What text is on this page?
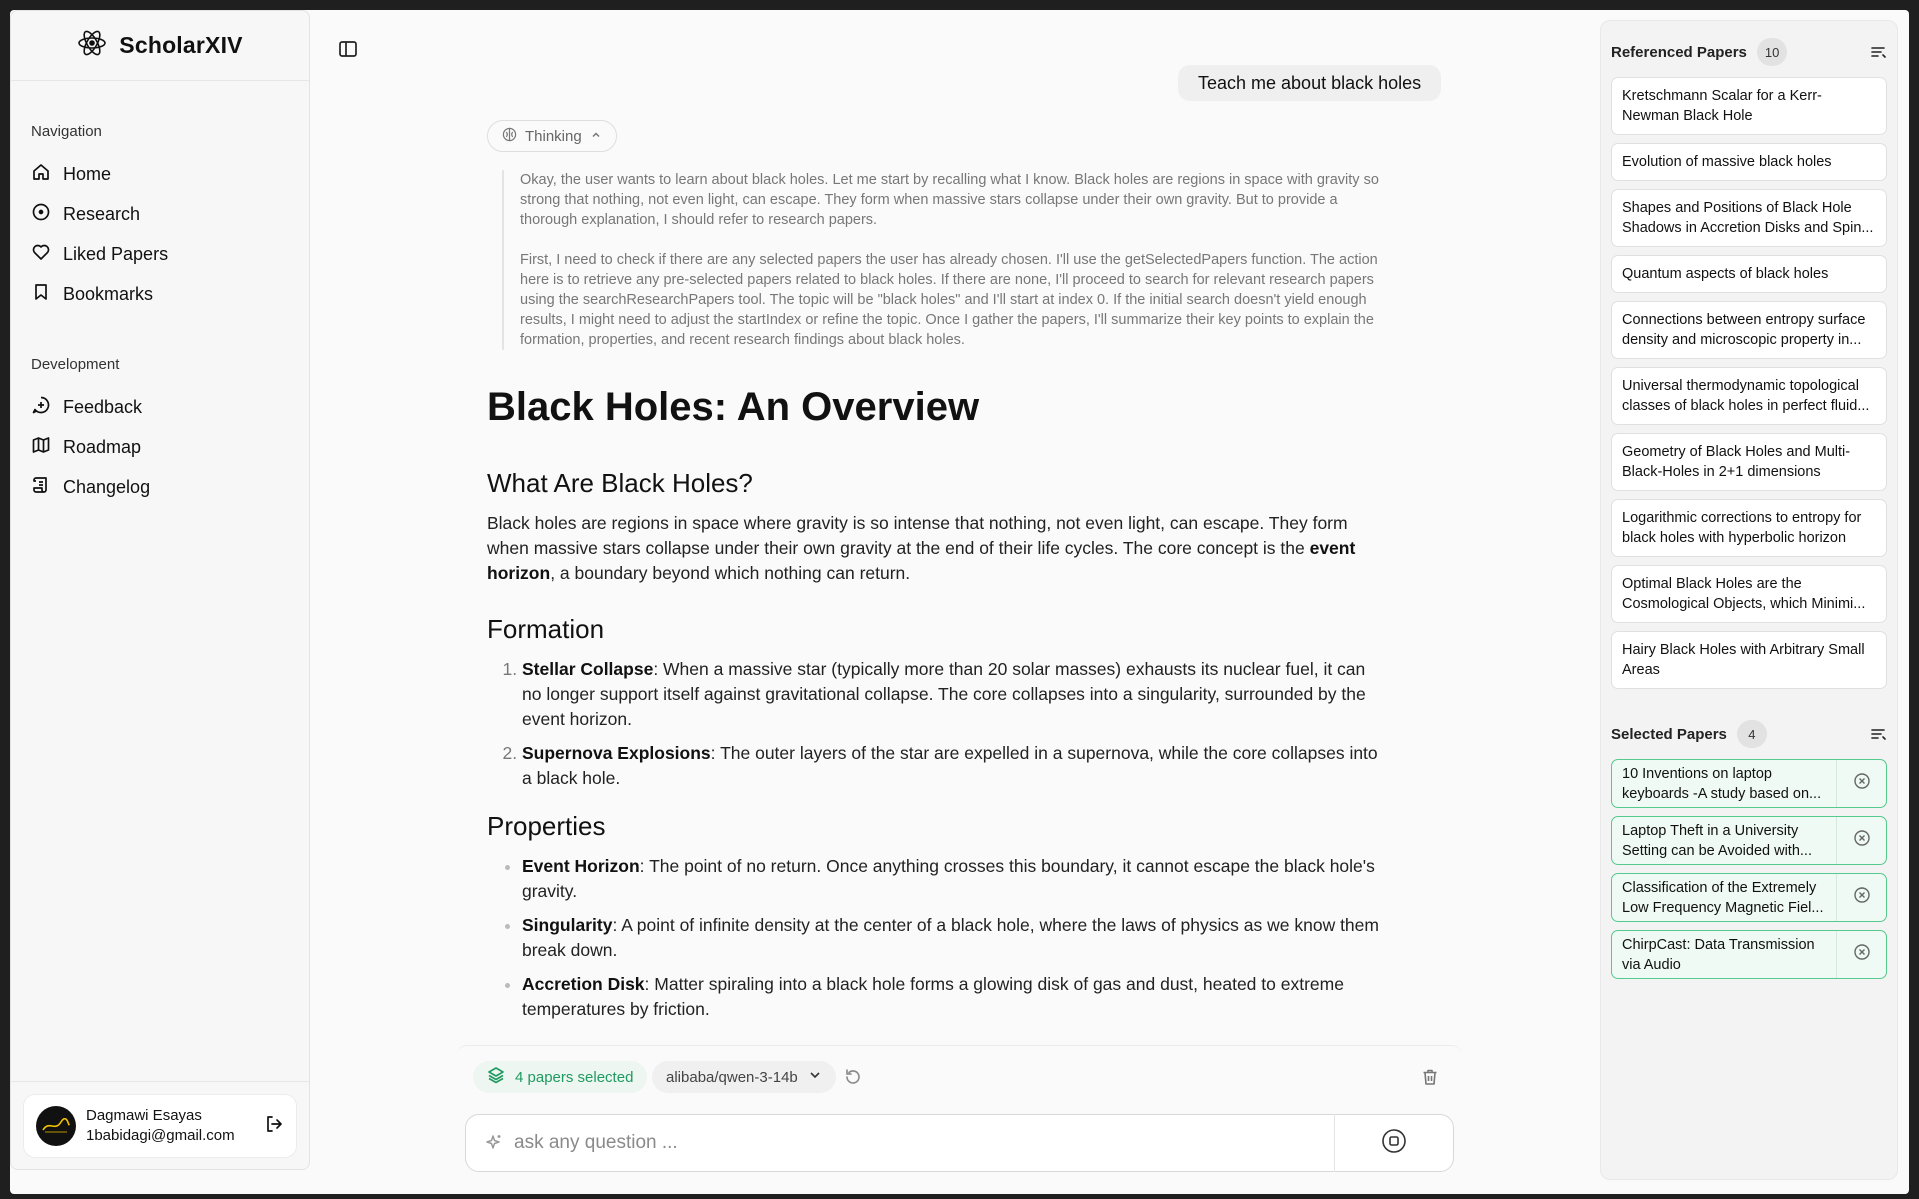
ScholarXIV
Navigation
Home
Research
Liked Papers
Bookmarks
Development
Feedback
Roadmap
Changelog
Dagmawi Esayas
1babidagi@gmail.com
Teach me about black holes
Thinking

Okay, the user wants to learn about black holes. Let me start by recalling what I know. Black holes are regions in space with gravity so strong that nothing, not even light, can escape. They form when massive stars collapse under their own gravity. But to provide a thorough explanation, I should refer to research papers.

First, I need to check if there are any selected papers the user has already chosen. I'll use the getSelectedPapers function. The action here is to retrieve any pre-selected papers related to black holes. If there are none, I'll proceed to search for relevant research papers using the searchResearchPapers tool. The topic will be "black holes" and I'll start at index 0. If the initial search doesn't yield enough results, I might need to adjust the startIndex or refine the topic. Once I gather the papers, I'll summarize their key points to explain the formation, properties, and recent research findings about black holes.

Black Holes: An Overview
What Are Black Holes?

Black holes are regions in space where gravity is so intense that nothing, not even light, can escape. They form when massive stars collapse under their own gravity at the end of their life cycles. The core concept is the event horizon, a boundary beyond which nothing can return.

Formation
1. Stellar Collapse: When a massive star (typically more than 20 solar masses) exhausts its nuclear fuel, it can no longer support itself against gravitational collapse. The core collapses into a singularity, surrounded by the event horizon.
2. Supernova Explosions: The outer layers of the star are expelled in a supernova, while the core collapses into a black hole.
Properties
• Event Horizon: The point of no return. Once anything crosses this boundary, it cannot escape the black hole's gravity.
• Singularity: A point of infinite density at the center of a black hole, where the laws of physics as we know them break down.
• Accretion Disk: Matter spiraling into a black hole forms a glowing disk of gas and dust, heated to extreme temperatures by friction.
4 papers selected alibaba/qwen-3-14b
ask any question ...
Referenced Papers	10
Kretschmann Scalar for a Kerr-Newman Black Hole
Evolution of massive black holes
Shapes and Positions of Black Hole Shadows in Accretion Disks and Spin...
Quantum aspects of black holes
Connections between entropy surface density and microscopic property in...
Universal thermodynamic topological classes of black holes in perfect fluid...
Geometry of Black Holes and Multi-Black-Holes in 2+1 dimensions
Logarithmic corrections to entropy for black holes with hyperbolic horizon
Optimal Black Holes are the Cosmological Objects, which Minimi...
Hairy Black Holes with Arbitrary Small Areas
Selected Papers	4
10 Inventions on laptop keyboards -A study based on...
Laptop Theft in a University Setting can be Avoided with...
Classification of the Extremely Low Frequency Magnetic Fiel...
ChirpCast: Data Transmission via Audio
